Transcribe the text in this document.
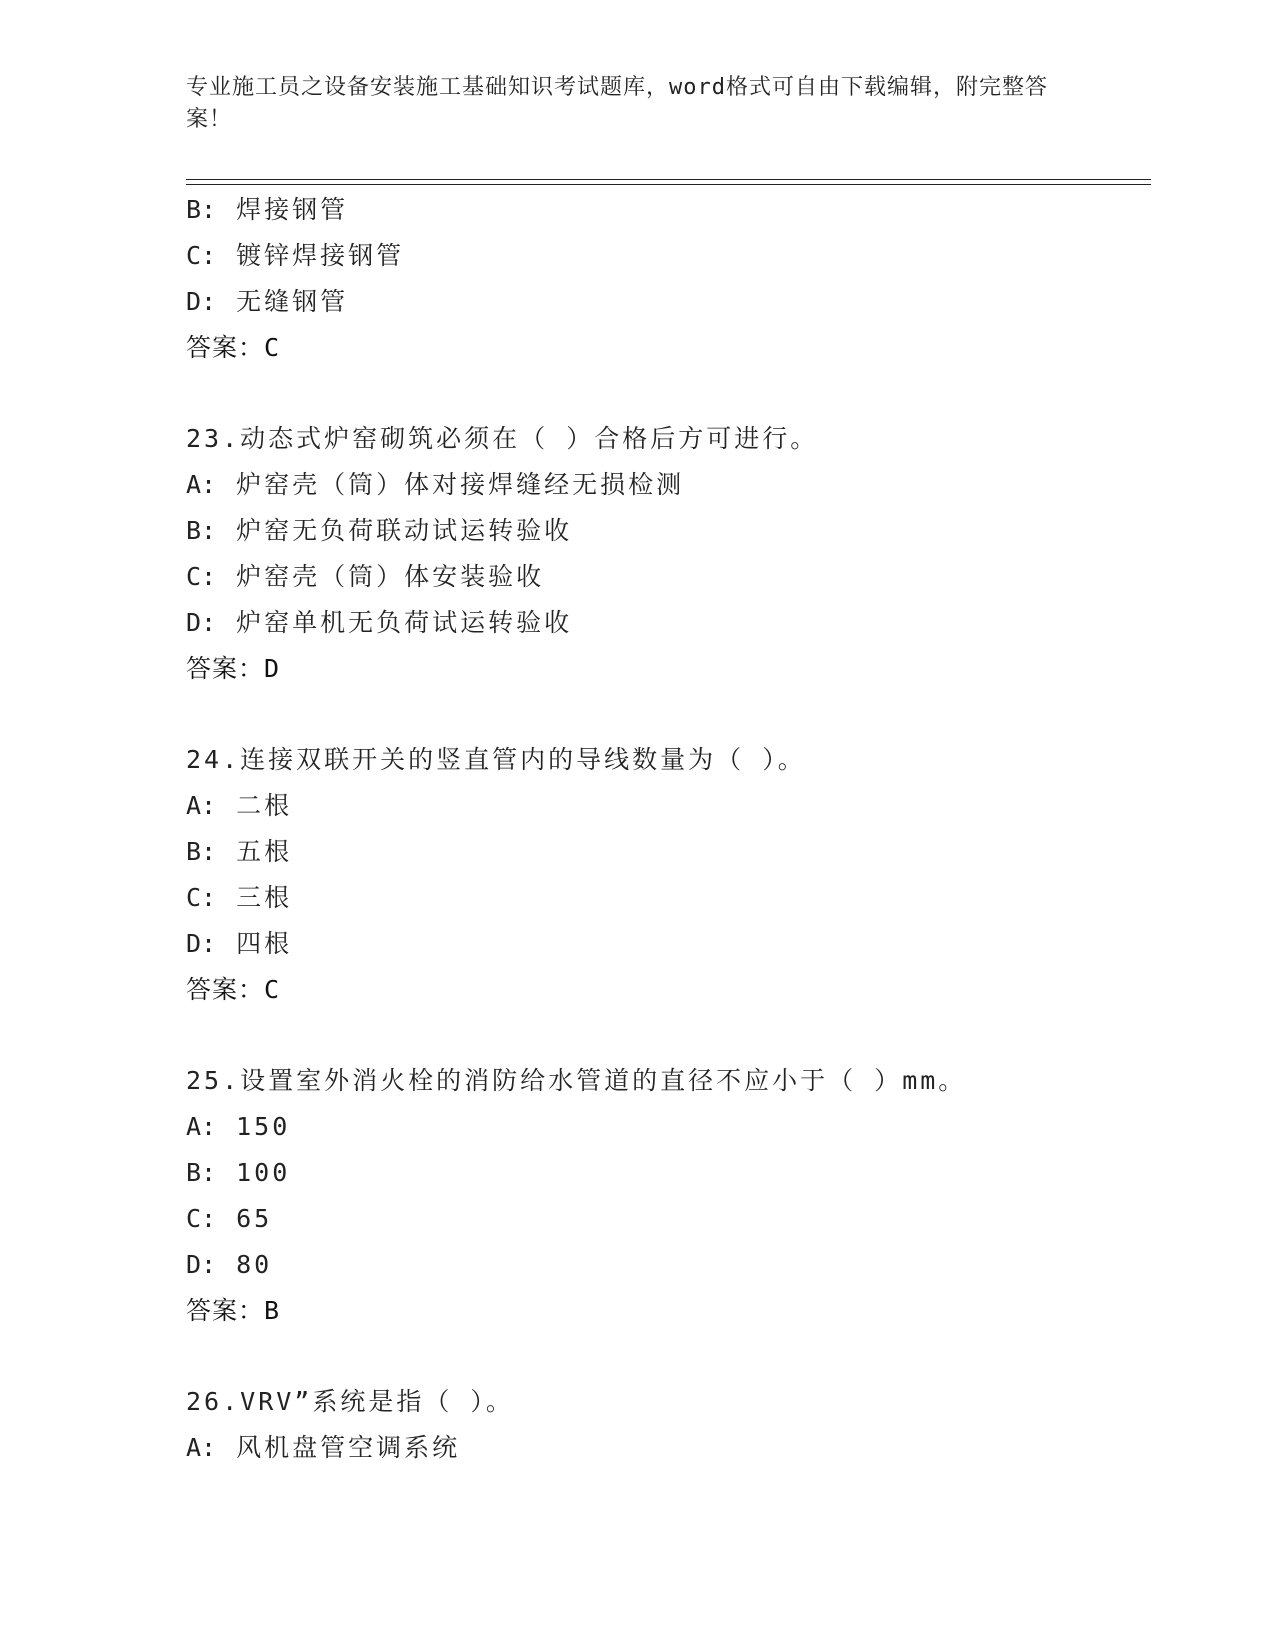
专业施工员之设备安装施工基础知识考试题库，word格式可自由下载编辑，附完整答案！
B: 焊接钢管
C: 镀锌焊接钢管
D: 无缝钢管
答案：C
23.动态式炉窑砌筑必须在（ ）合格后方可进行。
A: 炉窑壳（筒）体对接焊缝经无损检测
B: 炉窑无负荷联动试运转验收
C: 炉窑壳（筒）体安装验收
D: 炉窑单机无负荷试运转验收
答案：D
24.连接双联开关的竖直管内的导线数量为（ ）。
A: 二根
B: 五根
C: 三根
D: 四根
答案：C
25.设置室外消火栓的消防给水管道的直径不应小于（ ）mm。
A: 150
B: 100
C: 65
D: 80
答案：B
26.VRV”系统是指（ ）。
A: 风机盘管空调系统
